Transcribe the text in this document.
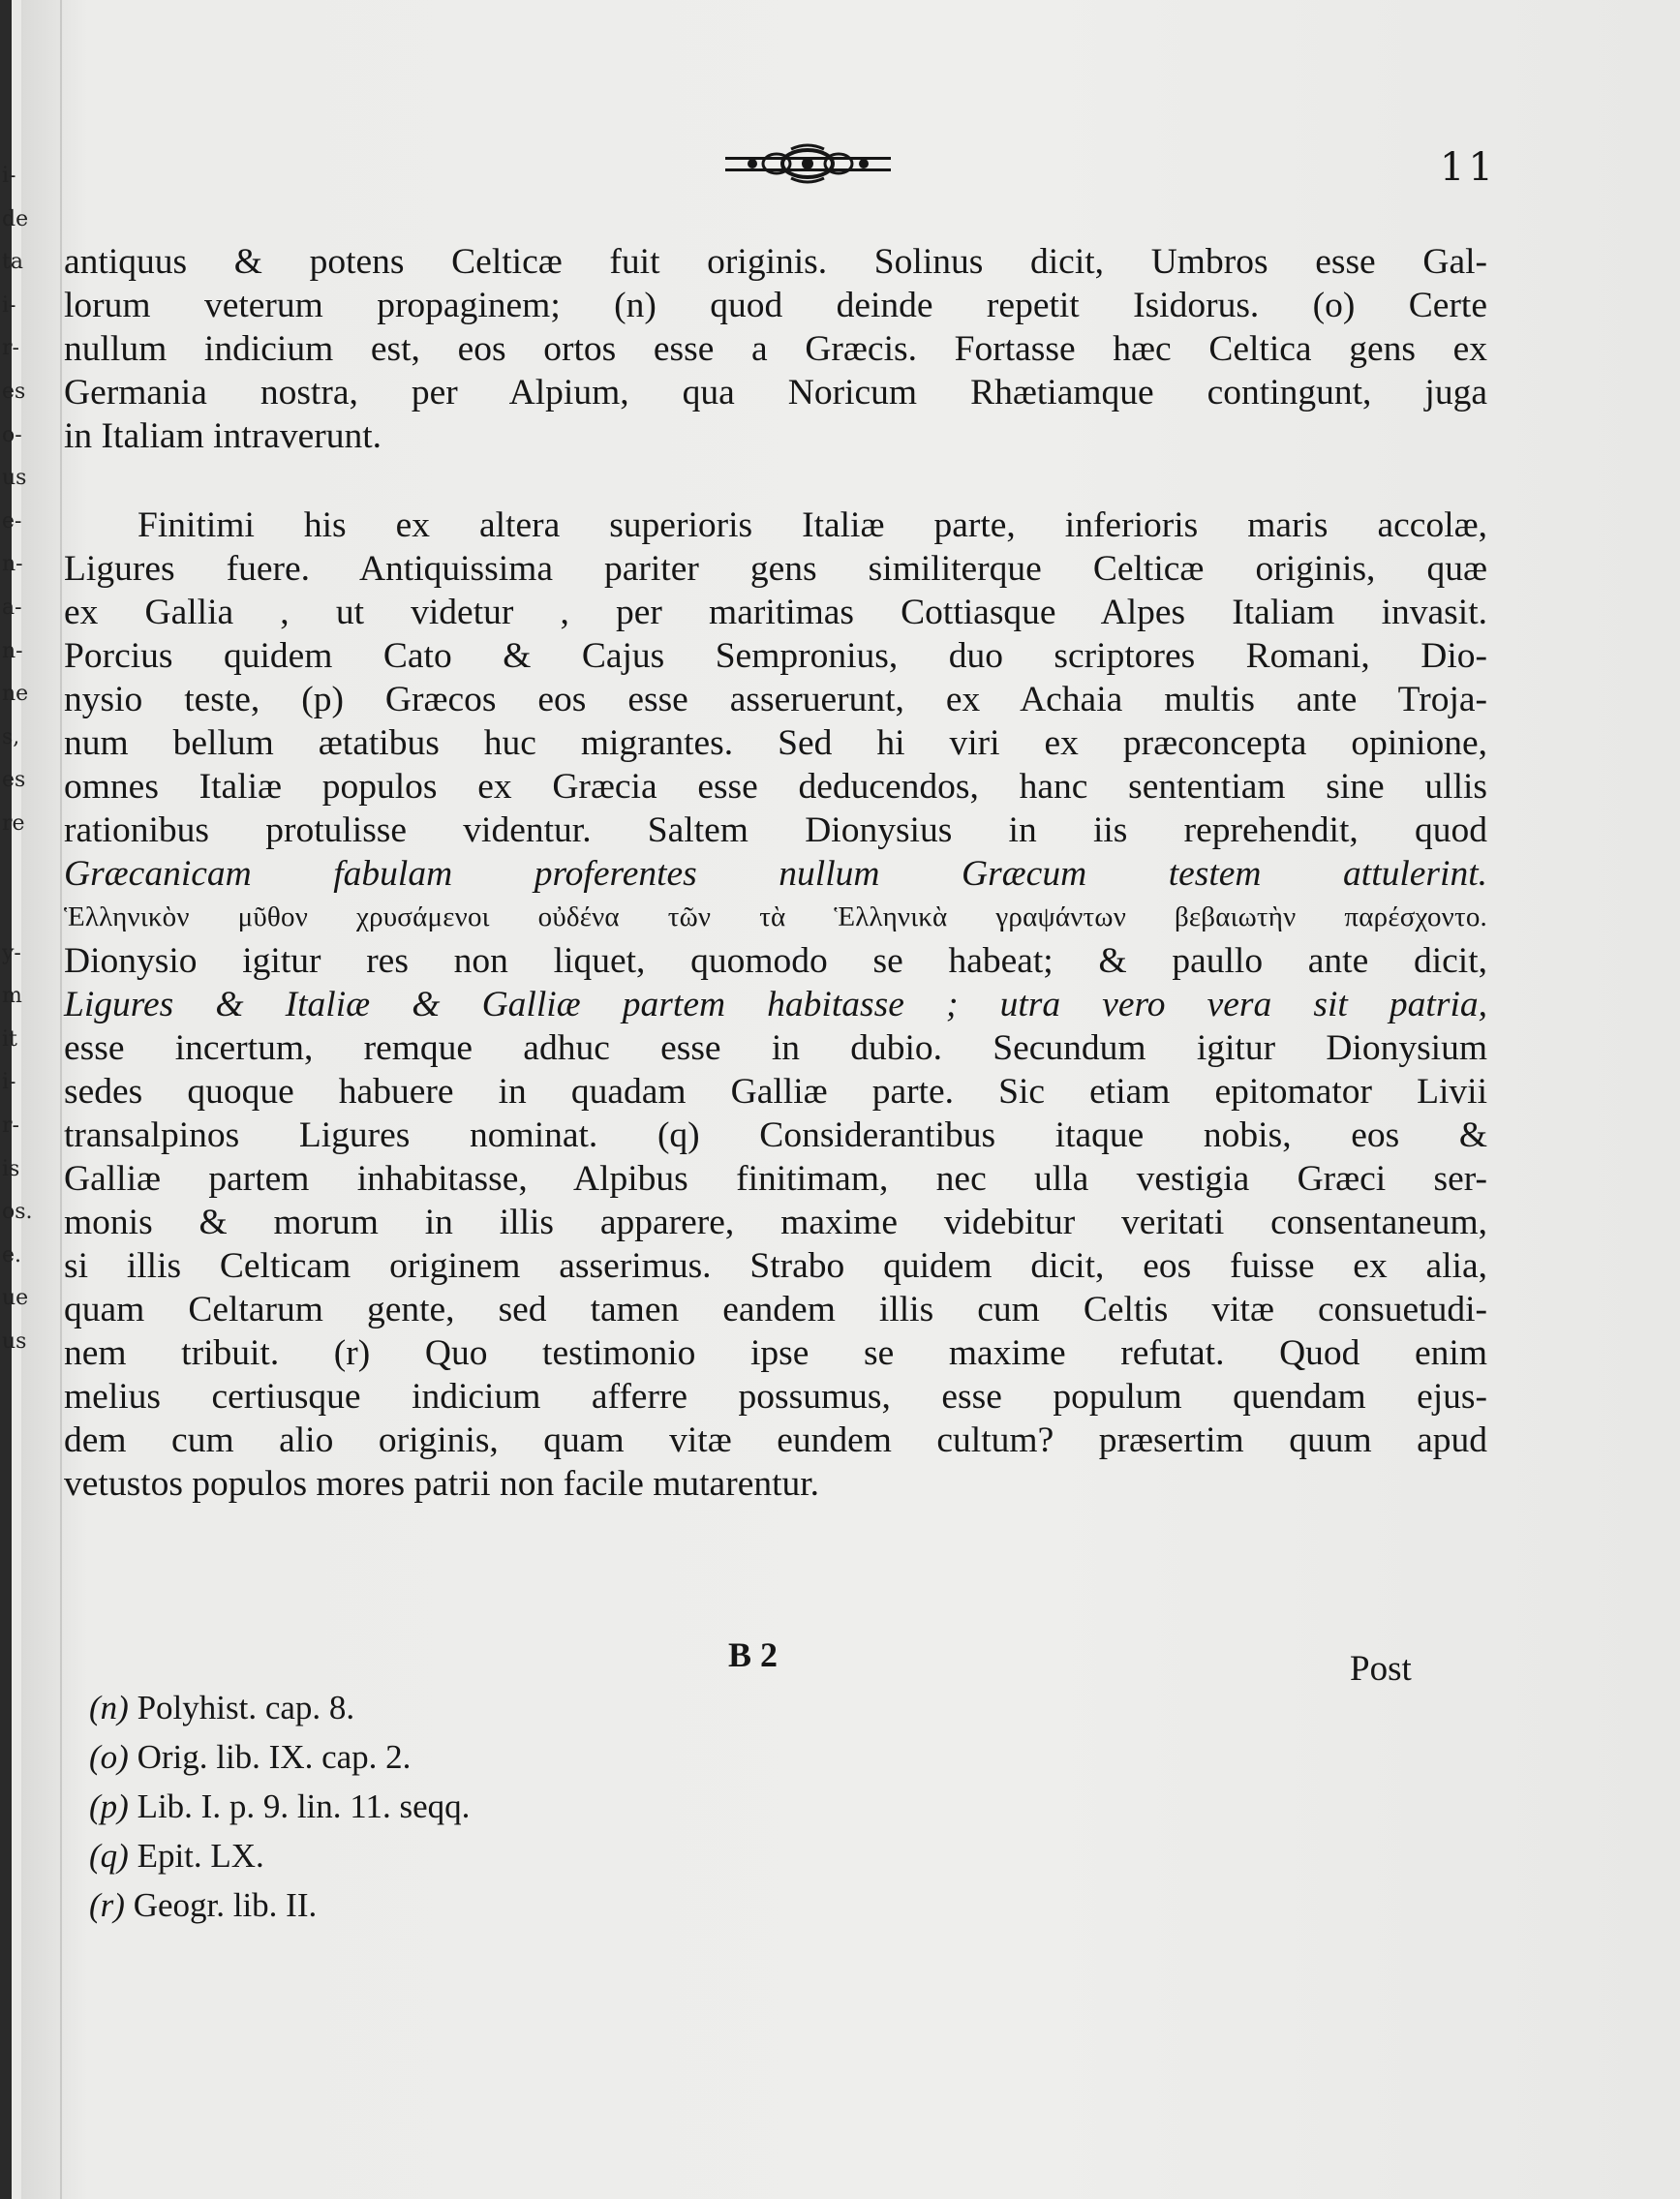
11
antiquus & potens Celticæ fuit originis. Solinus dicit, Umbros esse Gal-
lorum veterum propaginem; (n) quod deinde repetit Isidorus. (o) Certe
nullum indicium est, eos ortos esse a Græcis. Fortasse hæc Celtica gens ex
Germania nostra, per Alpium, qua Noricum Rhætiamque contingunt, juga
in Italiam intraverunt.
Finitimi his ex altera superioris Italiæ parte, inferioris maris accolæ,
Ligures fuere. Antiquissima pariter gens similiterque Celticæ originis, quæ
ex Gallia , ut videtur , per maritimas Cottiasque Alpes Italiam invasit.
Porcius quidem Cato & Cajus Sempronius, duo scriptores Romani, Dio-
nysio teste, (p) Græcos eos esse asseruerunt, ex Achaia multis ante Troja-
num bellum ætatibus huc migrantes. Sed hi viri ex præconcepta opinione,
omnes Italiæ populos ex Græcia esse deducendos, hanc sententiam sine ullis
rationibus protulisse videntur. Saltem Dionysius in iis reprehendit, quod
Græcanicam fabulam proferentes nullum Græcum testem attulerint.
Ἑλληνικὸν μῦθον χρυσάμενοι οὐδένα τῶν τὰ Ἑλληνικὰ γραψάντων βεβαιωτὴν παρέσχοντο.
Dionysio igitur res non liquet, quomodo se habeat; & paullo ante dicit,
Ligures & Italiæ & Galliæ partem habitasse ; utra vero vera sit patria,
esse incertum, remque adhuc esse in dubio. Secundum igitur Dionysium
sedes quoque habuere in quadam Galliæ parte. Sic etiam epitomator Livii
transalpinos Ligures nominat. (q) Considerantibus itaque nobis, eos &
Galliæ partem inhabitasse, Alpibus finitimam, nec ulla vestigia Græci ser-
monis & morum in illis apparere, maxime videbitur veritati consentaneum,
si illis Celticam originem asserimus. Strabo quidem dicit, eos fuisse ex alia,
quam Celtarum gente, sed tamen eandem illis cum Celtis vitæ consuetudi-
nem tribuit. (r) Quo testimonio ipse se maxime refutat. Quod enim
melius certiusque indicium afferre possumus, esse populum quendam ejus-
dem cum alio originis, quam vitæ eundem cultum? præsertim quum apud
vetustos populos mores patrii non facile mutarentur.
B 2	Post
(n) Polyhist. cap. 8.
(o) Orig. lib. IX. cap. 2.
(p) Lib. I. p. 9. lin. 11. seqq.
(q) Epit. LX.
(r) Geogr. lib. II.
i-
de
ta
i-
r-
es
o-
us
e-
n-
a-
n-
ne
s,
es
re
y-
m
it
i-
r-
is
os.
e.
ue
us
